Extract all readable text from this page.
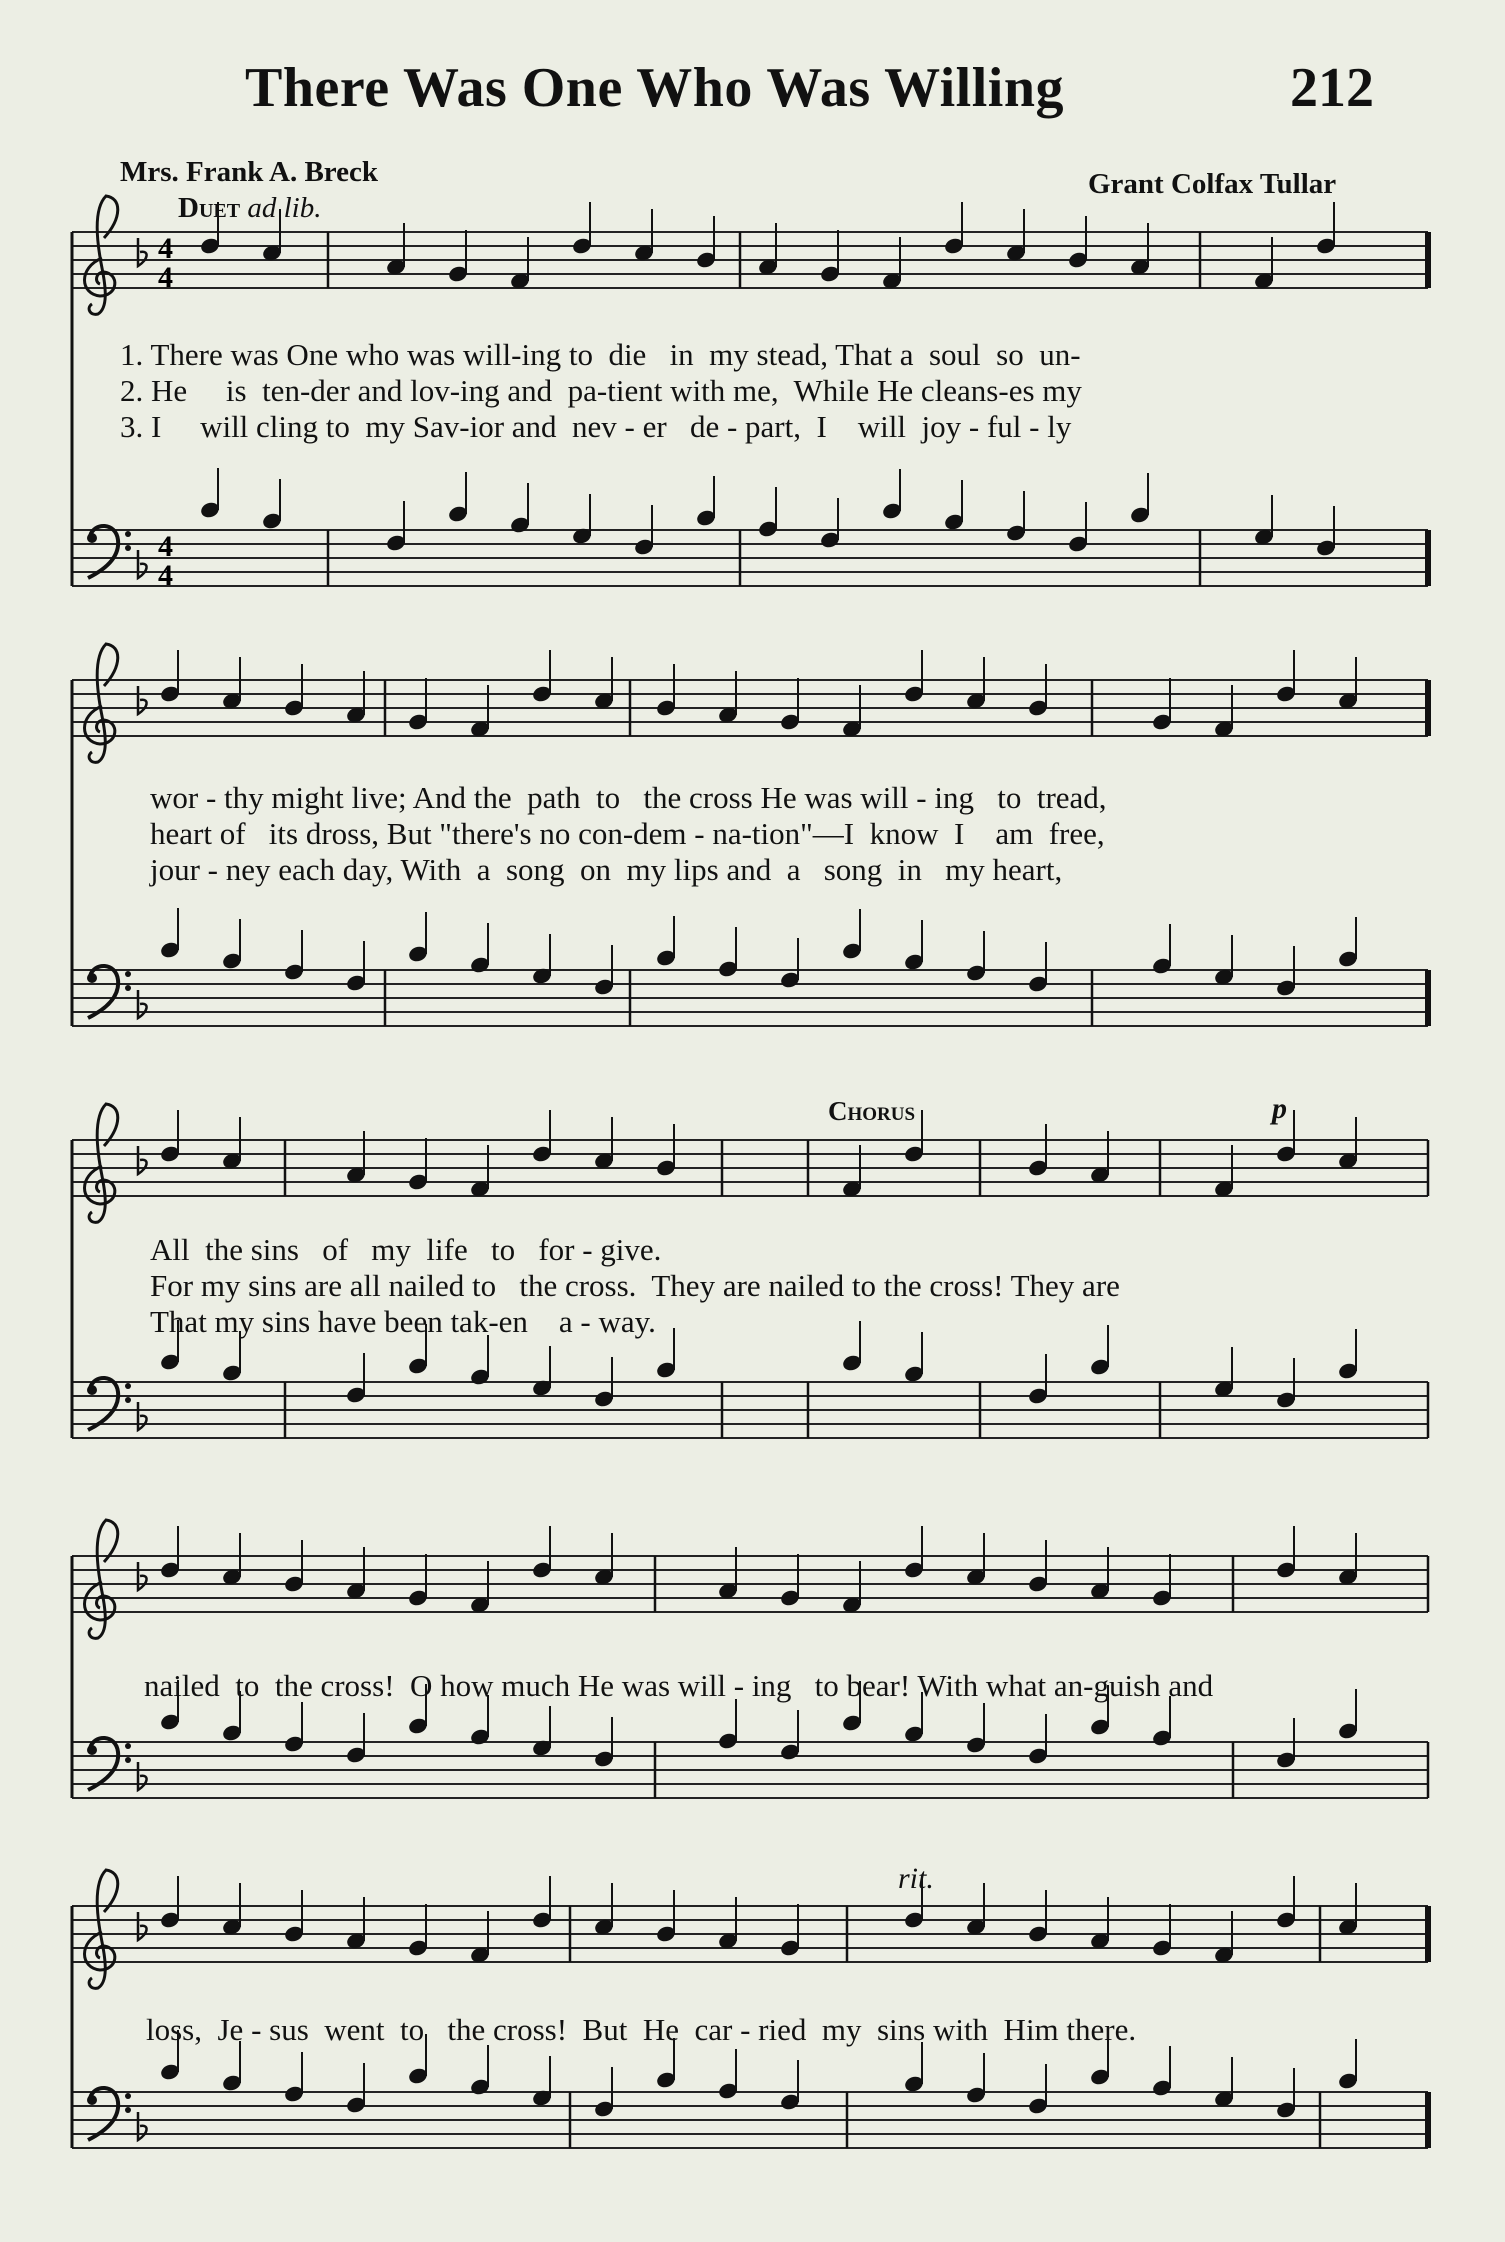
There Was One Who Was Willing	212
Mrs. Frank A. Breck	Grant Colfax Tullar
Duet ad lib.
Chorus	p
rit.
1. There was One who was will-ing to  die   in  my stead, That a  soul  so  un-
2. He     is  ten-der and lov-ing and  pa-tient with me,  While He cleans-es my
3. I     will cling to  my Sav-ior and  nev - er   de - part,  I    will  joy - ful - ly
wor - thy might live; And the  path  to   the cross He was will - ing   to  tread,
heart of   its dross, But "there's no con-dem - na-tion"—I  know  I    am  free,
jour - ney each day, With  a  song  on  my lips and  a   song  in   my heart,
All  the sins   of   my  life   to   for - give.
For my sins are all nailed to   the cross.  They are nailed to the cross! They are
That my sins have been tak-en    a - way.
nailed  to  the cross!  O how much He was will - ing   to bear! With what an-guish and
loss,  Je - sus  went  to   the cross!  But  He  car - ried  my  sins with  Him there.
4
4
4
4
